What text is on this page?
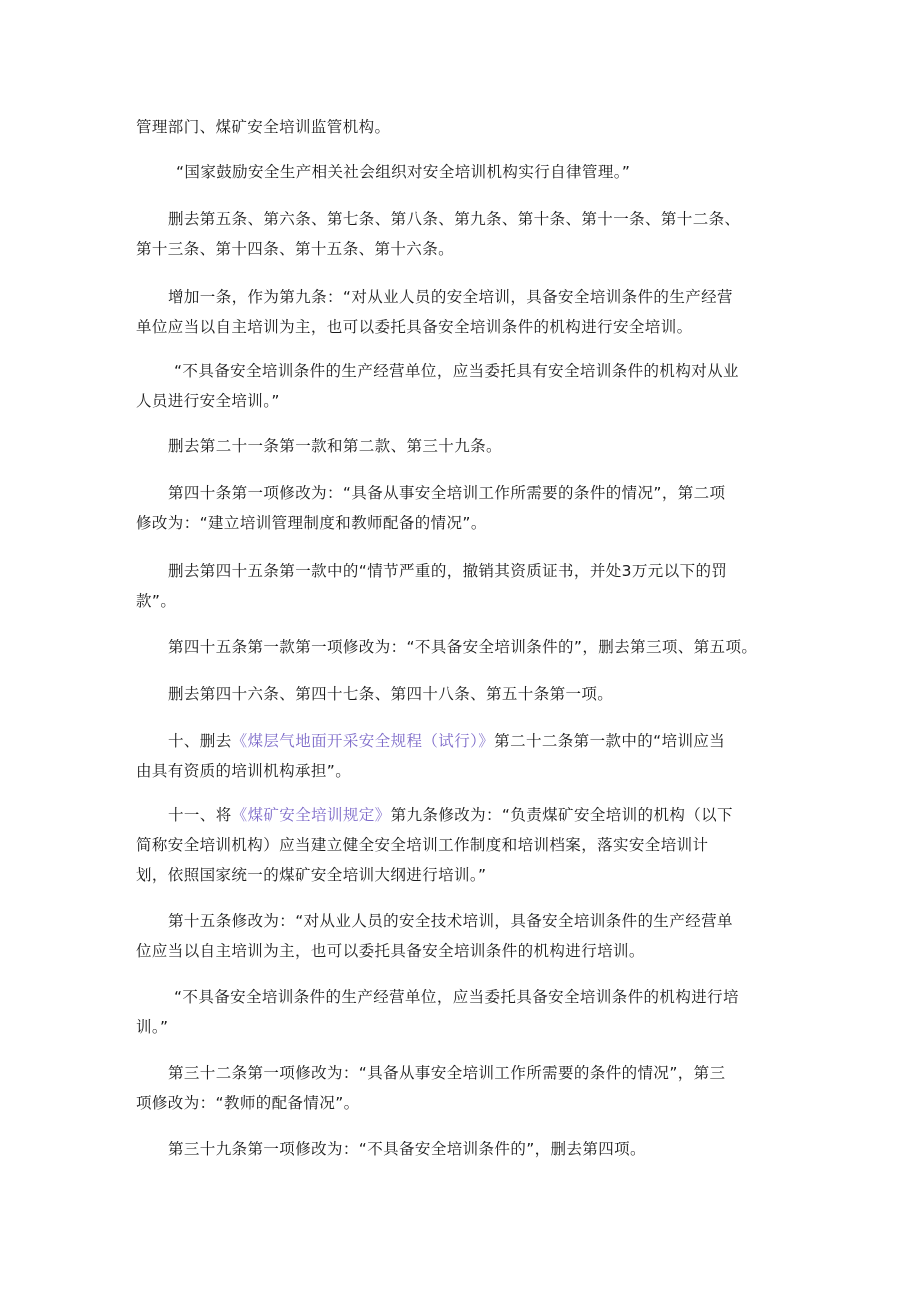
管理部门、煤矿安全培训监管机构。

“国家鼓励安全生产相关社会组织对安全培训机构实行自律管理。”

删去第五条、第六条、第七条、第八条、第九条、第十条、第十一条、第十二条、
第十三条、第十四条、第十五条、第十六条。

增加一条，作为第九条：“对从业人员的安全培训，具备安全培训条件的生产经营
单位应当以自主培训为主，也可以委托具备安全培训条件的机构进行安全培训。

“不具备安全培训条件的生产经营单位，应当委托具有安全培训条件的机构对从业
人员进行安全培训。”

删去第二十一条第一款和第二款、第三十九条。

第四十条第一项修改为：“具备从事安全培训工作所需要的条件的情况”，第二项
修改为：“建立培训管理制度和教师配备的情况”。

删去第四十五条第一款中的“情节严重的，撤销其资质证书，并处3万元以下的罚
款”。

第四十五条第一款第一项修改为：“不具备安全培训条件的”，删去第三项、第五项。

删去第四十六条、第四十七条、第四十八条、第五十条第一项。

十、删去《煤层气地面开采安全规程（试行）》第二十二条第一款中的“培训应当
由具有资质的培训机构承担”。

十一、将《煤矿安全培训规定》第九条修改为：“负责煤矿安全培训的机构（以下
简称安全培训机构）应当建立健全安全培训工作制度和培训档案，落实安全培训计
划，依照国家统一的煤矿安全培训大纲进行培训。”

第十五条修改为：“对从业人员的安全技术培训，具备安全培训条件的生产经营单
位应当以自主培训为主，也可以委托具备安全培训条件的机构进行培训。

“不具备安全培训条件的生产经营单位，应当委托具备安全培训条件的机构进行培
训。”

第三十二条第一项修改为：“具备从事安全培训工作所需要的条件的情况”，第三
项修改为：“教师的配备情况”。

第三十九条第一项修改为：“不具备安全培训条件的”，删去第四项。
